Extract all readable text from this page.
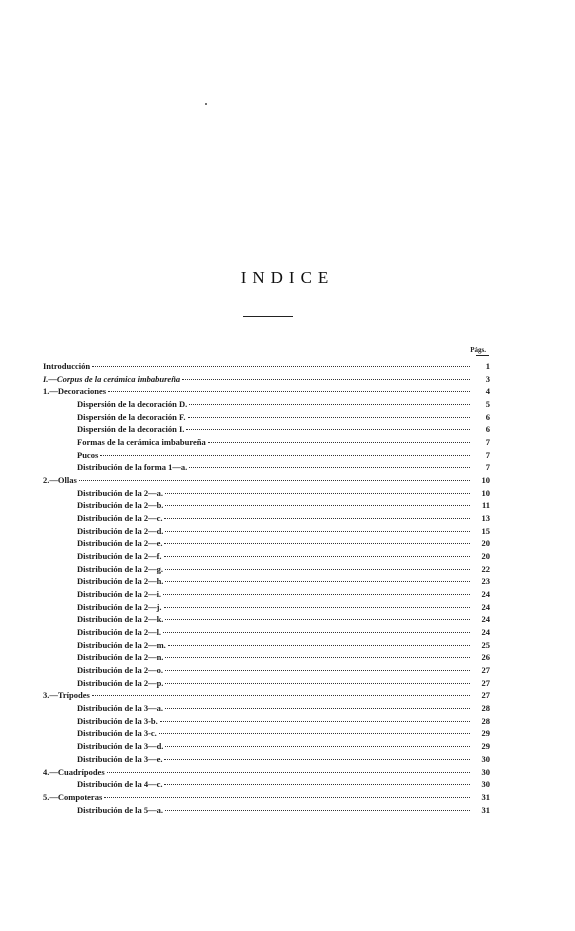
INDICE
Págs.
Introducción	1
I.—Corpus de la cerámica imbabureña	3
1.—Decoraciones	4
Dispersión de la decoración D.	5
Dispersión de la decoración F.	6
Dispersión de la decoración I.	6
Formas de la cerámica imbabureña	7
Pucos	7
Distribución de la forma 1—a.	7
2.—Ollas	10
Distribución de la 2—a.	10
Distribución de la 2—b.	11
Distribución de la 2—c.	13
Distribución de la 2—d.	15
Distribución de la 2—e.	20
Distribución de la 2—f.	20
Distribución de la 2—g.	22
Distribución de la 2—h.	23
Distribución de la 2—i.	24
Distribución de la 2—j.	24
Distribución de la 2—k.	24
Distribución de la 2—l.	24
Distribución de la 2—m.	25
Distribución de la 2—n.	26
Distribución de la 2—o.	27
Distribución de la 2—p.	27
3.—Trípodes	27
Distribución de la 3—a.	28
Distribución de la 3-b.	28
Distribución de la 3-c.	29
Distribución de la 3—d.	29
Distribución de la 3—e.	30
4.—Cuadrípodes	30
Distribución de la 4—c.	30
5.—Compoteras	31
Distribución de la 5—a.	31
